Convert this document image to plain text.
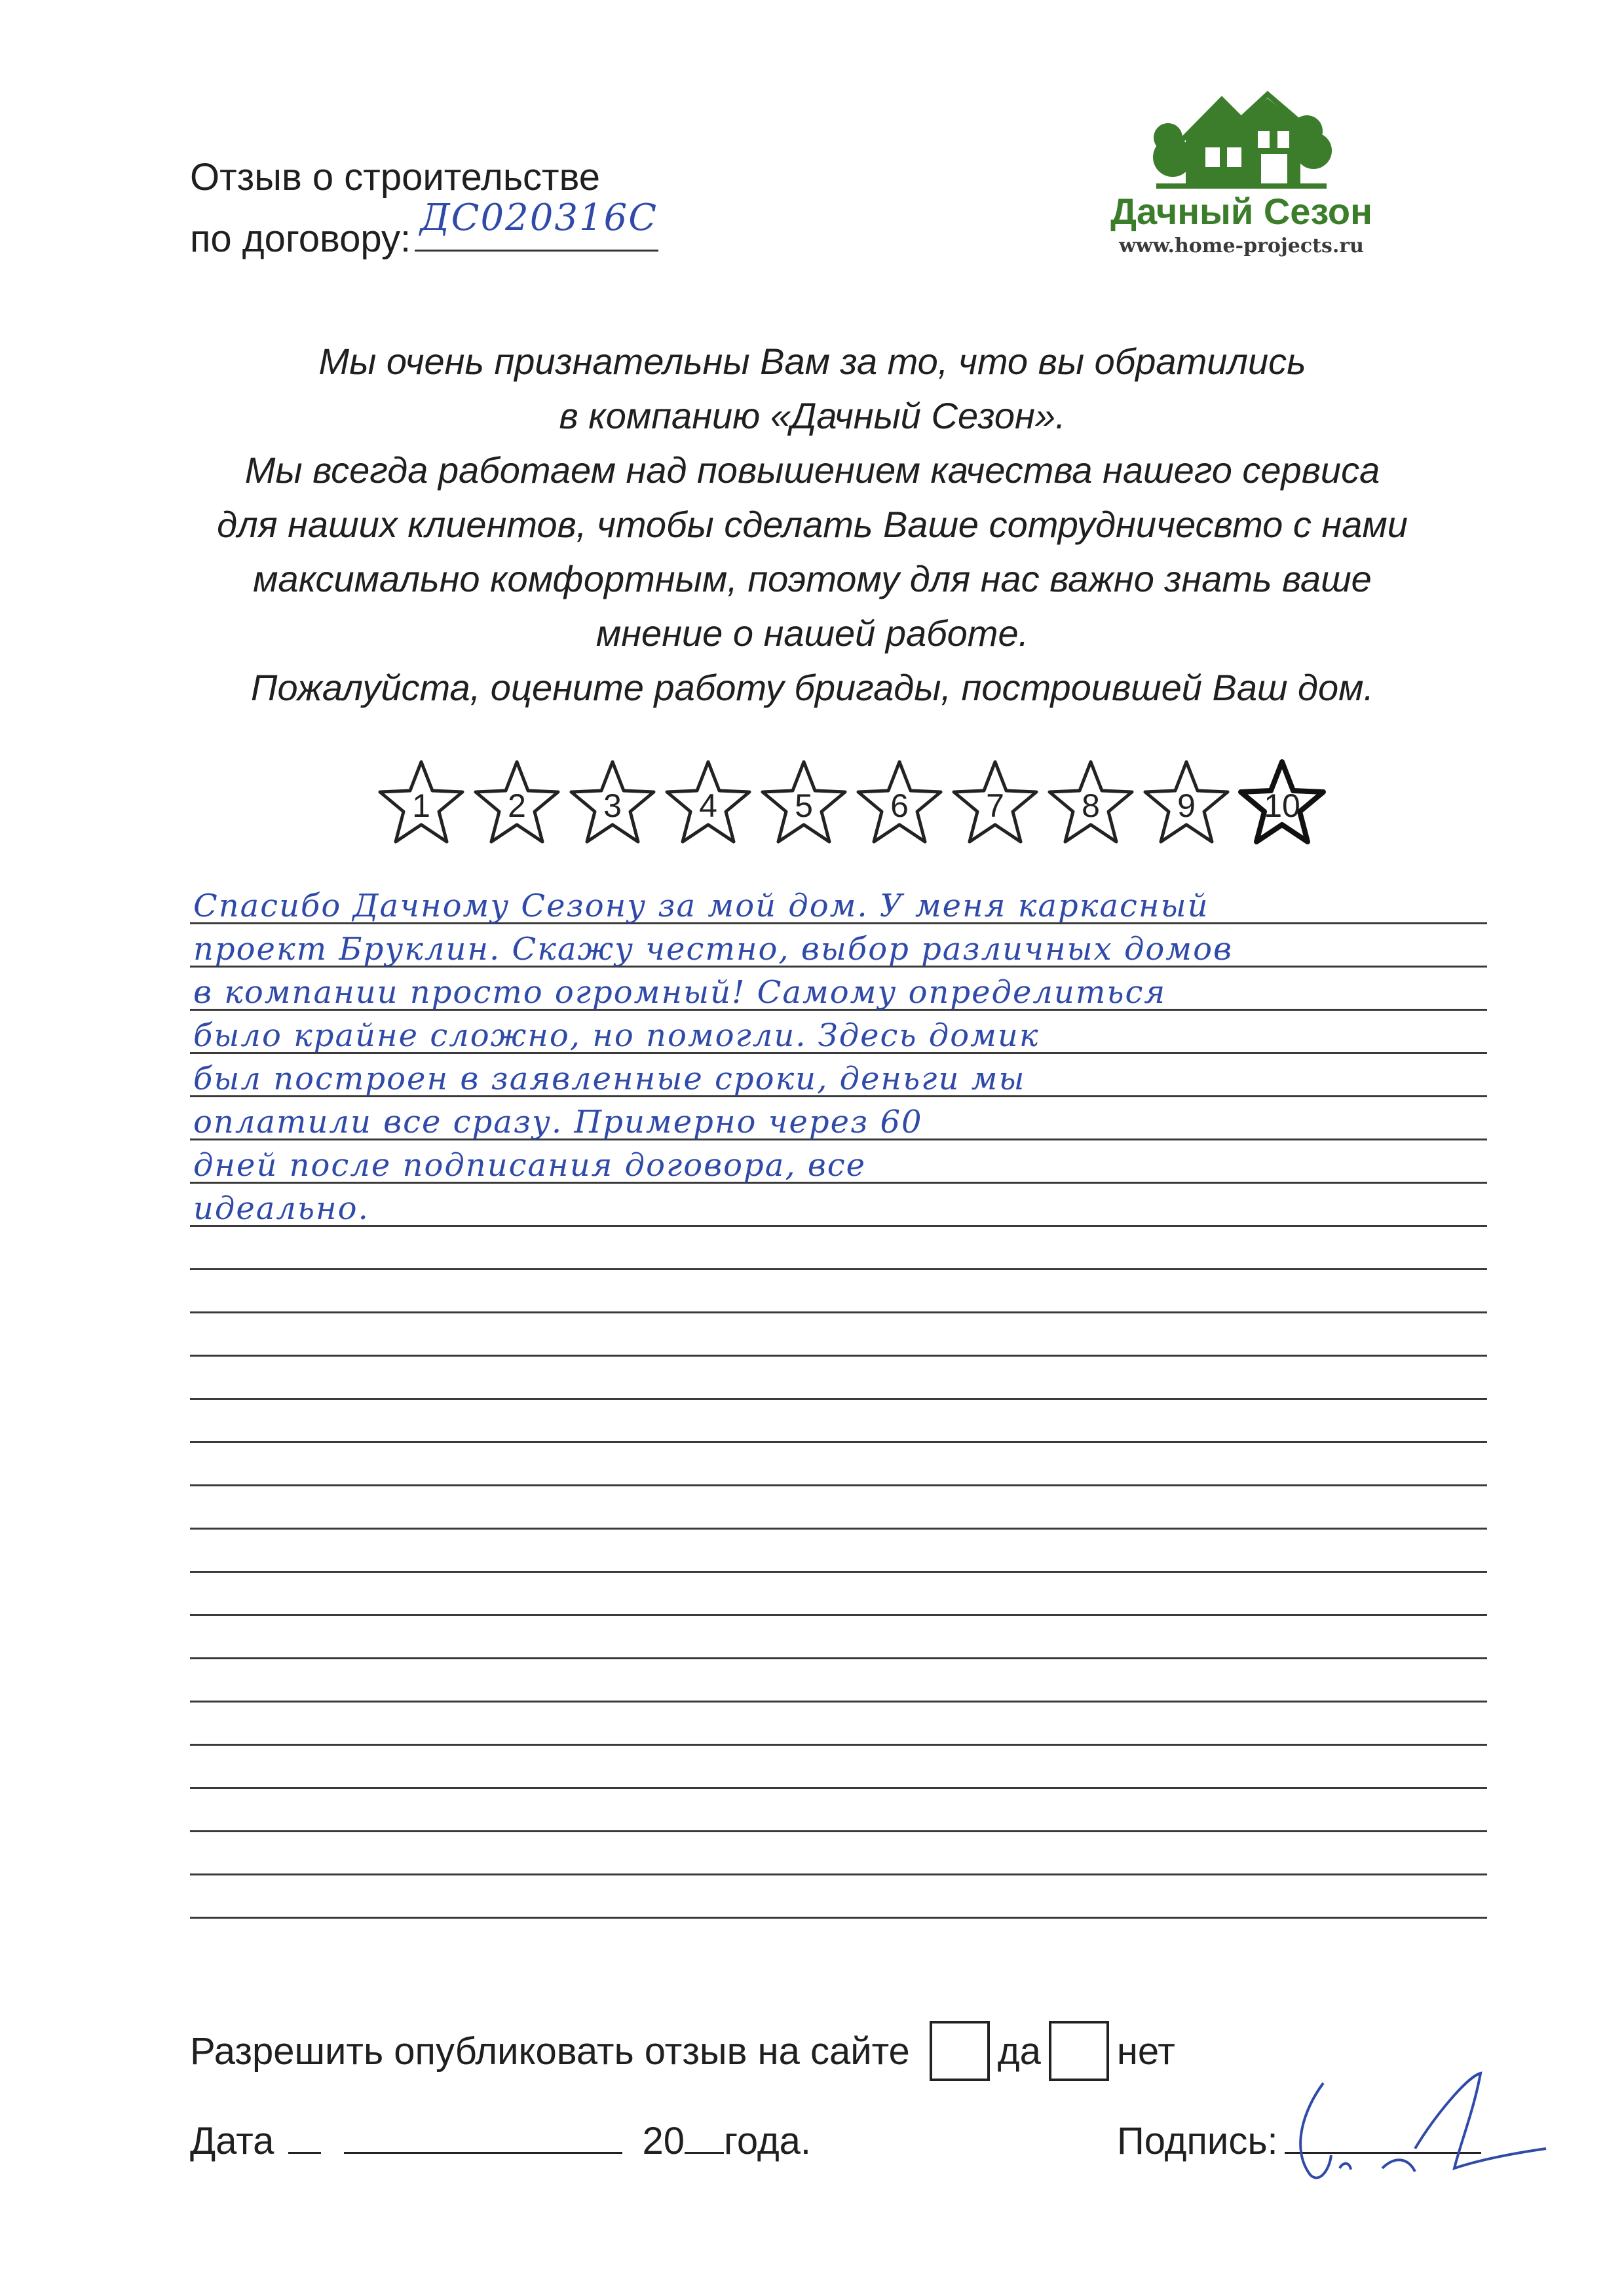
Отзыв о строительстве
по договору: ДС020316С	Дачный Сезон
www.home-projects.ru
Мы очень признательны Вам за то, что вы обратились
в компанию «Дачный Сезон».
Мы всегда работаем над повышением качества нашего сервиса
для наших клиентов, чтобы сделать Ваше сотрудничесвто с нами
максимально комфортным, поэтому для нас важно знать ваше
мнение о нашей работе.
Пожалуйста, оцените работу бригады, построившей Ваш дом.
1	2	3	4	5	6	7	8	9	10
Спасибо Дачному Сезону за мой дом. У меня каркасный
проект Бруклин. Скажу честно, выбор различных домов
в компании просто огромный! Самому определиться
было крайне сложно, но помогли. Здесь домик
был построен в заявленные сроки, деньги мы
оплатили все сразу. Примерно через 60
дней после подписания договора, все
идеально.
Разрешить опубликовать отзыв на сайте да нет
Дата	20 года.	Подпись:
